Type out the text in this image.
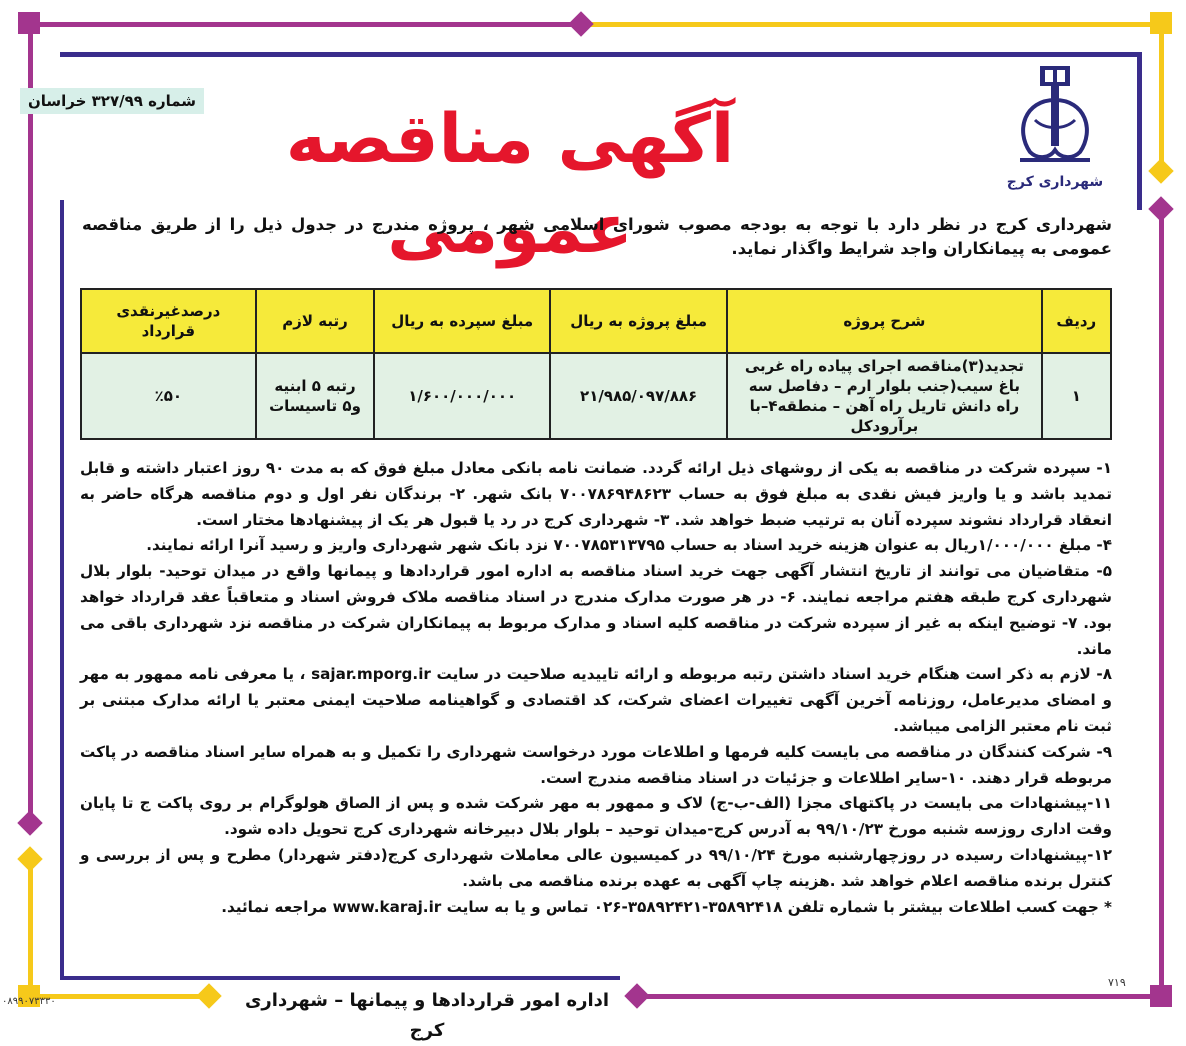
شماره ۳۲۷/۹۹ خراسان	آگهی مناقصه عمومی
شهرداری کرج

شهرداری کرج در نظر دارد با توجه به بودجه مصوب شورای اسلامی شهر ، پروژه مندرج در جدول ذیل را از طریق مناقصه عمومی به پیمانکاران واجد شرایط واگذار نماید.

ردیف	شرح پروژه	مبلغ پروژه به ریال	مبلغ سپرده به ریال	رتبه لازم	درصدغیرنقدی قرارداد
۱	تجدید(۳)مناقصه اجرای پیاده راه غربی باغ سیب(جنب بلوار ارم – دفاصل سه راه دانش تاریل راه آهن – منطقه۴–با برآرودکل	۲۱/۹۸۵/۰۹۷/۸۸۶	۱/۶۰۰/۰۰۰/۰۰۰	رتبه ۵ ابنیه و۵ تاسیسات	٪۵۰

۱- سپرده شرکت در مناقصه به یکی از روشهای ذیل ارائه گردد. ضمانت نامه بانکی معادل مبلغ فوق که به مدت ۹۰ روز اعتبار داشته و قابل تمدید باشد و یا واریز فیش نقدی به مبلغ فوق به حساب ۷۰۰۷۸۶۹۴۸۶۲۳ بانک شهر. ۲- برندگان نفر اول و دوم مناقصه هرگاه حاضر به انعقاد قرارداد نشوند سپرده آنان به ترتیب ضبط خواهد شد. ۳- شهرداری کرج در رد یا قبول هر یک از پیشنهادها مختار است.

۴- مبلغ ۱/۰۰۰/۰۰۰ریال به عنوان هزینه خرید اسناد به حساب ۷۰۰۷۸۵۳۱۳۷۹۵ نزد بانک شهر شهرداری واریز و رسید آنرا ارائه نمایند.

۵- متقاضیان می توانند از تاریخ انتشار آگهی جهت خرید اسناد مناقصه به اداره امور قراردادها و پیمانها واقع در میدان توحید- بلوار بلال شهرداری کرج طبقه هفتم مراجعه نمایند. ۶- در هر صورت مدارک مندرج در اسناد مناقصه ملاک فروش اسناد و متعاقباً عقد قرارداد خواهد بود. ۷- توضیح اینکه به غیر از سپرده شرکت در مناقصه کلیه اسناد و مدارک مربوط به پیمانکاران شرکت در مناقصه نزد شهرداری باقی می ماند.

۸- لازم به ذکر است هنگام خرید اسناد داشتن رتبه مربوطه و ارائه تاییدیه صلاحیت در سایت sajar.mporg.ir ، یا معرفی نامه ممهور به مهر و امضای مدیرعامل، روزنامه آخرین آگهی تغییرات اعضای شرکت، کد اقتصادی و گواهینامه صلاحیت ایمنی معتبر یا ارائه مدارک مبتنی بر ثبت نام معتبر الزامی میباشد.

۹- شرکت کنندگان در مناقصه می بایست کلیه فرمها و اطلاعات مورد درخواست شهرداری را تکمیل و به همراه سایر اسناد مناقصه در پاکت مربوطه قرار دهند. ۱۰-سایر اطلاعات و جزئیات در اسناد مناقصه مندرج است.

۱۱-پیشنهادات می بایست در پاکتهای مجزا (الف-ب-ج) لاک و ممهور به مهر شرکت شده و پس از الصاق هولوگرام بر روی پاکت ج تا پایان وقت اداری روزسه شنبه مورخ ۹۹/۱۰/۲۳ به آدرس کرج-میدان توحید – بلوار بلال دبیرخانه شهرداری کرج تحویل داده شود.

۱۲-پیشنهادات رسیده در روزچهارشنبه مورخ ۹۹/۱۰/۲۴ در کمیسیون عالی معاملات شهرداری کرج(دفتر شهردار) مطرح و پس از بررسی و کنترل برنده مناقصه اعلام خواهد شد .هزینه چاپ آگهی به عهده برنده مناقصه می باشد.

* جهت کسب اطلاعات بیشتر با شماره تلفن ۳۵۸۹۲۴۱۸-۳۵۸۹۲۴۲۱-۰۲۶ تماس و یا به سایت www.karaj.ir مراجعه نمائید.

۷۱۹
اداره امور قراردادها و پیمانها – شهرداری کرج
۰۸۹۹۰۷۳۳۳۰
